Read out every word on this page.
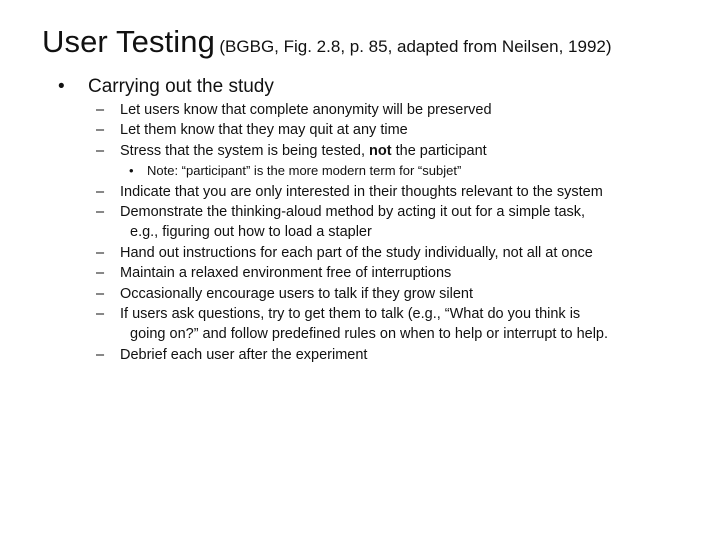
User Testing (BGBG, Fig. 2.8, p. 85, adapted from Neilsen, 1992)
• Carrying out the study
–	Let users know that complete anonymity will be preserved
–	Let them know that they may quit at any time
–	Stress that the system is being tested, not the participant
• Note: “participant” is the more modern term for “subjet”
–	Indicate that you are only interested in their thoughts relevant to the system
–	Demonstrate the thinking-aloud method by acting it out for a simple task,
e.g., figuring out how to load a stapler
–	Hand out instructions for each part of the study individually, not all at once
–	Maintain a relaxed environment free of interruptions
–	Occasionally encourage users to talk if they grow silent
–	If users ask questions, try to get them to talk (e.g., “What do you think is
going on?” and follow predefined rules on when to help or interrupt to help.
–	Debrief each user after the experiment
